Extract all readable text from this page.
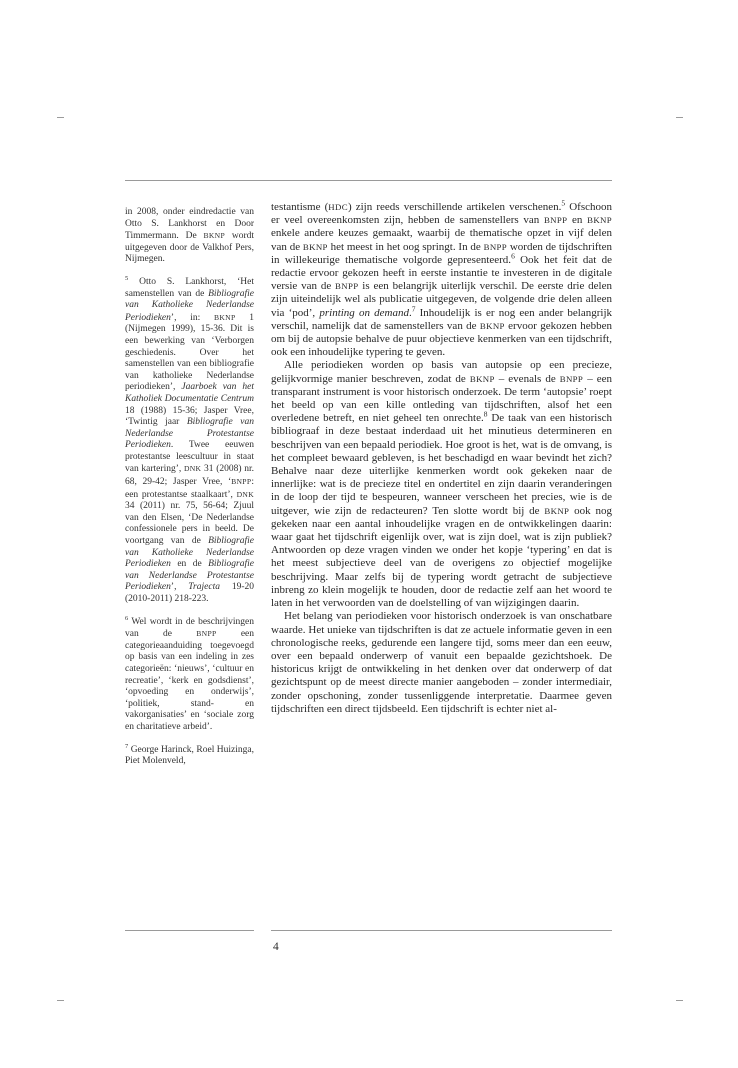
in 2008, onder eindredactie van Otto S. Lankhorst en Door Timmermann. De BKNP wordt uitgegeven door de Valkhof Pers, Nijmegen.

$^5$ Otto S. Lankhorst, ‘Het samenstellen van de Bibliografie van Katholieke Nederlandse Periodieken’, in: BKNP 1 (Nijmegen 1999), 15-36. Dit is een bewerking van ‘Verborgen geschiedenis. Over het samenstellen van een bibliografie van katholieke Nederlandse periodieken’, Jaarboek van het Katholiek Documentatie Centrum 18 (1988) 15-36; Jasper Vree, ‘Twintig jaar Bibliografie van Nederlandse Protestantse Periodieken. Twee eeuwen protestantse leescultuur in staat van kartering’, DNK 31 (2008) nr. 68, 29-42; Jasper Vree, ‘BNPP: een protestantse staalkaart’, DNK 34 (2011) nr. 75, 56-64; Zjuul van den Elsen, ‘De Nederlandse confessionele pers in beeld. De voortgang van de Bibliografie van Katholieke Nederlandse Periodieken en de Bibliografie van Nederlandse Protestantse Periodieken’, Trajecta 19-20 (2010-2011) 218-223.

$^6$ Wel wordt in de beschrijvingen van de BNPP een categorieaanduiding toegevoegd op basis van een indeling in zes categorieën: ‘nieuws’, ‘cultuur en recreatie’, ‘kerk en godsdienst’, ‘opvoeding en onderwijs’, ‘politiek, stand- en vakorganisaties’ en ‘sociale zorg en charitatieve arbeid’.

$^7$ George Harinck, Roel Huizinga, Piet Molenveld,

testantisme (HDC) zijn reeds verschillende artikelen verschenen.$^5$ Ofschoon er veel overeenkomsten zijn, hebben de samenstellers van BNPP en BKNP enkele andere keuzes gemaakt, waarbij de thematische opzet in vijf delen van de BKNP het meest in het oog springt. In de BNPP worden de tijdschriften in willekeurige thematische volgorde gepresenteerd.$^6$ Ook het feit dat de redactie ervoor gekozen heeft in eerste instantie te investeren in de digitale versie van de BNPP is een belangrijk uiterlijk verschil. De eerste drie delen zijn uiteindelijk wel als publicatie uitgegeven, de volgende drie delen alleen via ‘pod’, printing on demand.$^7$ Inhoudelijk is er nog een ander belangrijk verschil, namelijk dat de samenstellers van de BKNP ervoor gekozen hebben om bij de autopsie behalve de puur objectieve kenmerken van een tijdschrift, ook een inhoudelijke typering te geven.

Alle periodieken worden op basis van autopsie op een precieze, gelijkvormige manier beschreven, zodat de BKNP – evenals de BNPP – een transparant instrument is voor historisch onderzoek. De term ‘autopsie’ roept het beeld op van een kille ontleding van tijdschriften, alsof het een overledene betreft, en niet geheel ten onrechte.$^8$ De taak van een historisch bibliograaf in deze bestaat inderdaad uit het minutieus determineren en beschrijven van een bepaald periodiek. Hoe groot is het, wat is de omvang, is het compleet bewaard gebleven, is het beschadigd en waar bevindt het zich? Behalve naar deze uiterlijke kenmerken wordt ook gekeken naar de innerlijke: wat is de precieze titel en ondertitel en zijn daarin veranderingen in de loop der tijd te bespeuren, wanneer verscheen het precies, wie is de uitgever, wie zijn de redacteuren? Ten slotte wordt bij de BKNP ook nog gekeken naar een aantal inhoudelijke vragen en de ontwikkelingen daarin: waar gaat het tijdschrift eigenlijk over, wat is zijn doel, wat is zijn publiek? Antwoorden op deze vragen vinden we onder het kopje ‘typering’ en dat is het meest subjectieve deel van de overigens zo objectief mogelijke beschrijving. Maar zelfs bij de typering wordt getracht de subjectieve inbreng zo klein mogelijk te houden, door de redactie zelf aan het woord te laten in het verwoorden van de doelstelling of van wijzigingen daarin.

Het belang van periodieken voor historisch onderzoek is van onschatbare waarde. Het unieke van tijdschriften is dat ze actuele informatie geven in een chronologische reeks, gedurende een langere tijd, soms meer dan een eeuw, over een bepaald onderwerp of vanuit een bepaalde gezichtshoek. De historicus krijgt de ontwikkeling in het denken over dat onderwerp of dat gezichtspunt op de meest directe manier aangeboden – zonder intermediair, zonder opschoning, zonder tussenliggende interpretatie. Daarmee geven tijdschriften een direct tijdsbeeld. Een tijdschrift is echter niet al-

4
